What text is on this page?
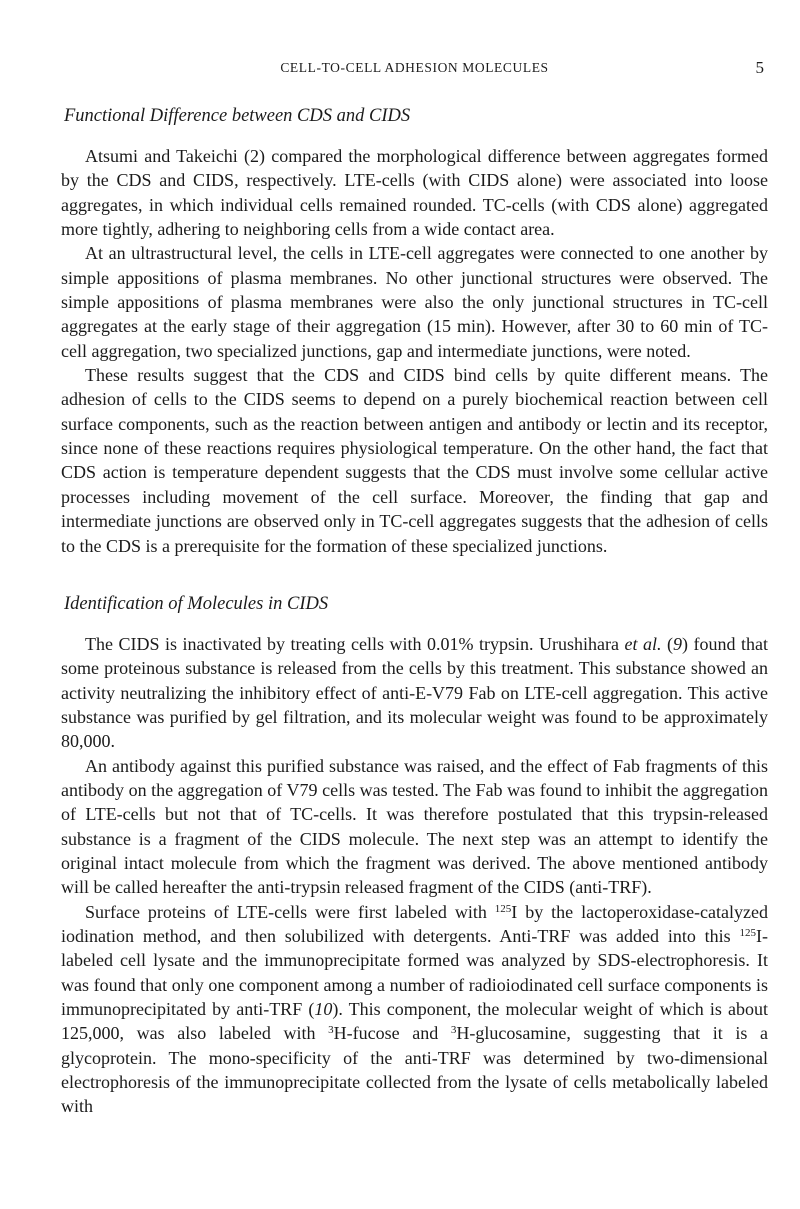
CELL-TO-CELL ADHESION MOLECULES	5
Functional Difference between CDS and CIDS

Atsumi and Takeichi (2) compared the morphological difference between aggregates formed by the CDS and CIDS, respectively. LTE-cells (with CIDS alone) were associated into loose aggregates, in which individual cells remained rounded. TC-cells (with CDS alone) aggregated more tightly, adhering to neighboring cells from a wide contact area.

At an ultrastructural level, the cells in LTE-cell aggregates were connected to one another by simple appositions of plasma membranes. No other junctional structures were observed. The simple appositions of plasma membranes were also the only junctional structures in TC-cell aggregates at the early stage of their aggregation (15 min). However, after 30 to 60 min of TC-cell aggregation, two specialized junctions, gap and intermediate junctions, were noted.

These results suggest that the CDS and CIDS bind cells by quite different means. The adhesion of cells to the CIDS seems to depend on a purely biochemical reaction between cell surface components, such as the reaction between antigen and antibody or lectin and its receptor, since none of these reactions requires physiological temperature. On the other hand, the fact that CDS action is temperature dependent suggests that the CDS must involve some cellular active processes including movement of the cell surface. Moreover, the finding that gap and intermediate junctions are observed only in TC-cell aggregates suggests that the adhesion of cells to the CDS is a prerequisite for the formation of these specialized junctions.

Identification of Molecules in CIDS

The CIDS is inactivated by treating cells with 0.01% trypsin. Urushihara et al. (9) found that some proteinous substance is released from the cells by this treatment. This substance showed an activity neutralizing the inhibitory effect of anti-E-V79 Fab on LTE-cell aggregation. This active substance was purified by gel filtration, and its molecular weight was found to be approximately 80,000.

An antibody against this purified substance was raised, and the effect of Fab fragments of this antibody on the aggregation of V79 cells was tested. The Fab was found to inhibit the aggregation of LTE-cells but not that of TC-cells. It was therefore postulated that this trypsin-released substance is a fragment of the CIDS molecule. The next step was an attempt to identify the original intact molecule from which the fragment was derived. The above mentioned antibody will be called hereafter the anti-trypsin released fragment of the CIDS (anti-TRF).

Surface proteins of LTE-cells were first labeled with $^{125}$I by the lactoperoxidase-catalyzed iodination method, and then solubilized with detergents. Anti-TRF was added into this $^{125}$I-labeled cell lysate and the immunoprecipitate formed was analyzed by SDS-electrophoresis. It was found that only one component among a number of radioiodinated cell surface components is immunoprecipitated by anti-TRF (10). This component, the molecular weight of which is about 125,000, was also labeled with $^3$H-fucose and $^3$H-glucosamine, suggesting that it is a glycoprotein. The mono-specificity of the anti-TRF was determined by two-dimensional electrophoresis of the immunoprecipitate collected from the lysate of cells metabolically labeled with
